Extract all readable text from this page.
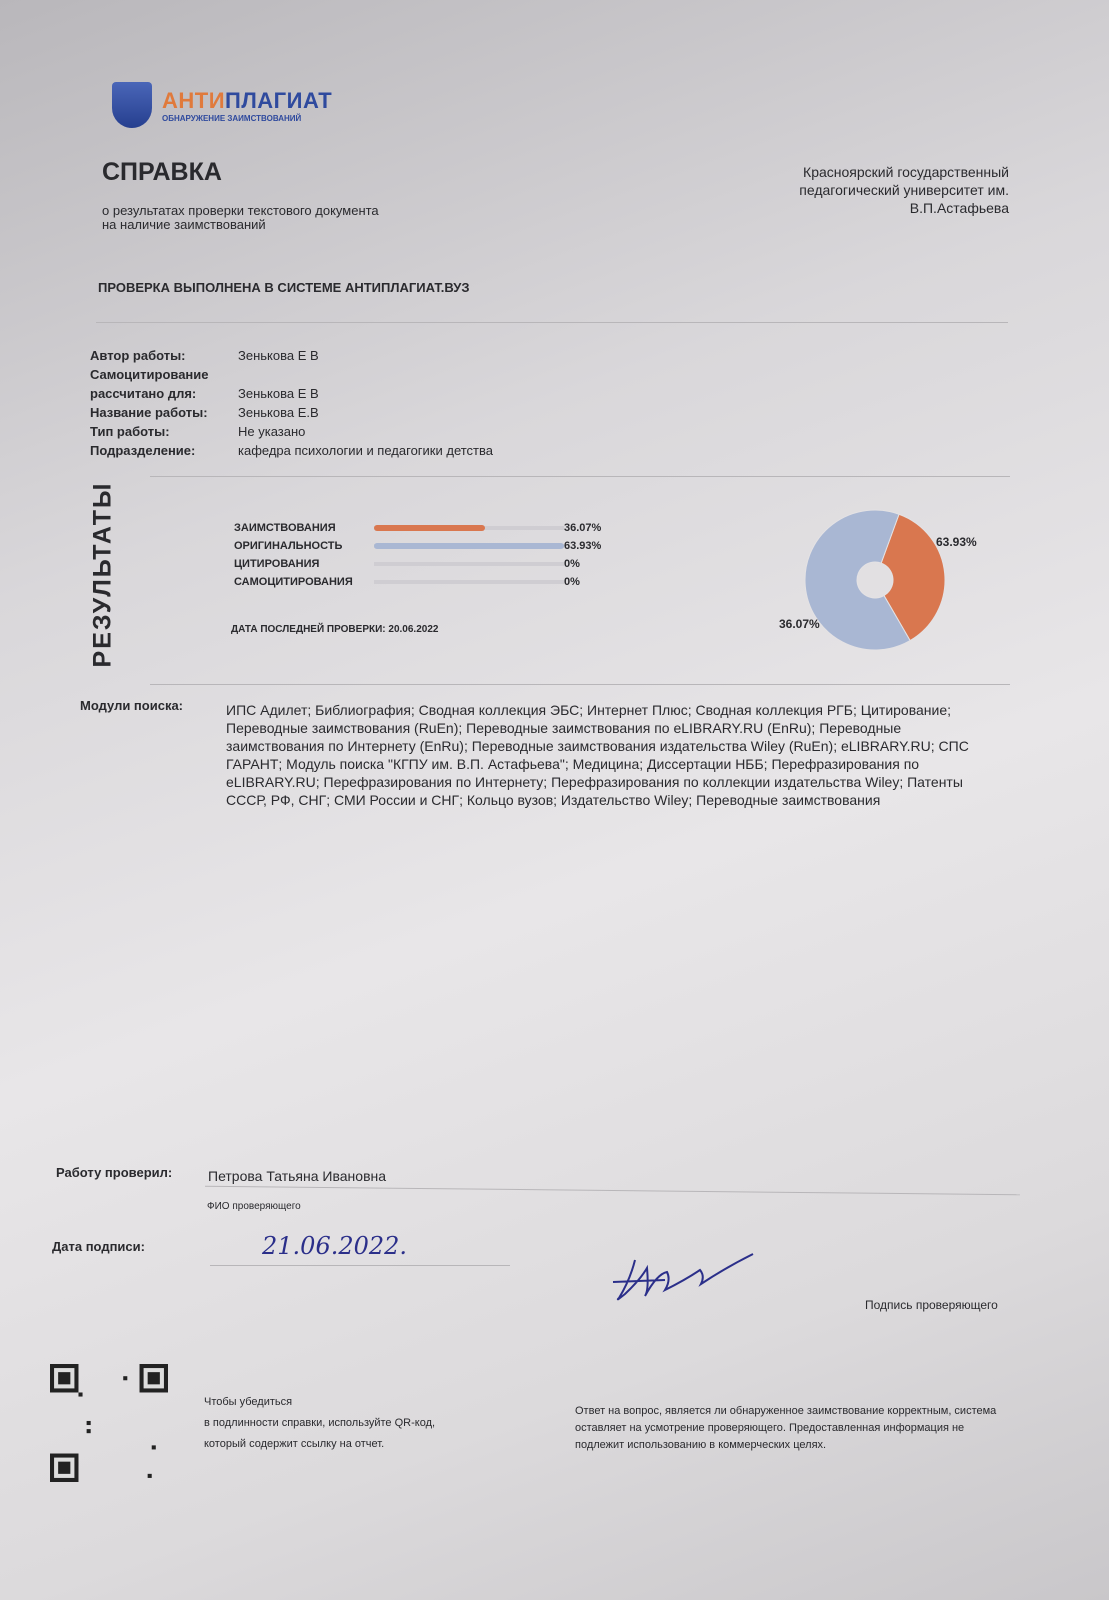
АНТИПЛАГИАТ
ОБНАРУЖЕНИЕ ЗАИМСТВОВАНИЙ
СПРАВКА
о результатах проверки текстового документа
на наличие заимствований
Красноярский государственный
педагогический университет им.
В.П.Астафьева
ПРОВЕРКА ВЫПОЛНЕНА В СИСТЕМЕ АНТИПЛАГИАТ.ВУЗ
Автор работы:	Зенькова Е В
Самоцитирование
рассчитано для:	Зенькова Е В
Название работы:	Зенькова Е.В
Тип работы:	Не указано
Подразделение:	кафедра психологии и педагогики детства
РЕЗУЛЬТАТЫ	ЗАИМСТВОВАНИЯ	36.07%
ОРИГИНАЛЬНОСТЬ	63.93%
ЦИТИРОВАНИЯ	0%
САМОЦИТИРОВАНИЯ	0%
ДАТА ПОСЛЕДНЕЙ ПРОВЕРКИ: 20.06.2022
63.93%
36.07%
Модули поиска:	ИПС Адилет; Библиография; Сводная коллекция ЭБС; Интернет Плюс; Сводная коллекция РГБ; Цитирование; Переводные заимствования (RuEn); Переводные заимствования по eLIBRARY.RU (EnRu); Переводные заимствования по Интернету (EnRu); Переводные заимствования издательства Wiley (RuEn); eLIBRARY.RU; СПС ГАРАНТ; Модуль поиска "КГПУ им. В.П. Астафьева"; Медицина; Диссертации НББ; Перефразирования по eLIBRARY.RU; Перефразирования по Интернету; Перефразирования по коллекции издательства Wiley; Патенты СССР, РФ, СНГ; СМИ России и СНГ; Кольцо вузов; Издательство Wiley; Переводные заимствования
Работу проверил:	Петрова Татьяна Ивановна
ФИО проверяющего
Дата подписи:	21.06.2022.
Подпись проверяющего
Чтобы убедиться
в подлинности справки, используйте QR-код,
который содержит ссылку на отчет.
Ответ на вопрос, является ли обнаруженное заимствование корректным, система оставляет на усмотрение проверяющего. Предоставленная информация не подлежит использованию в коммерческих целях.
